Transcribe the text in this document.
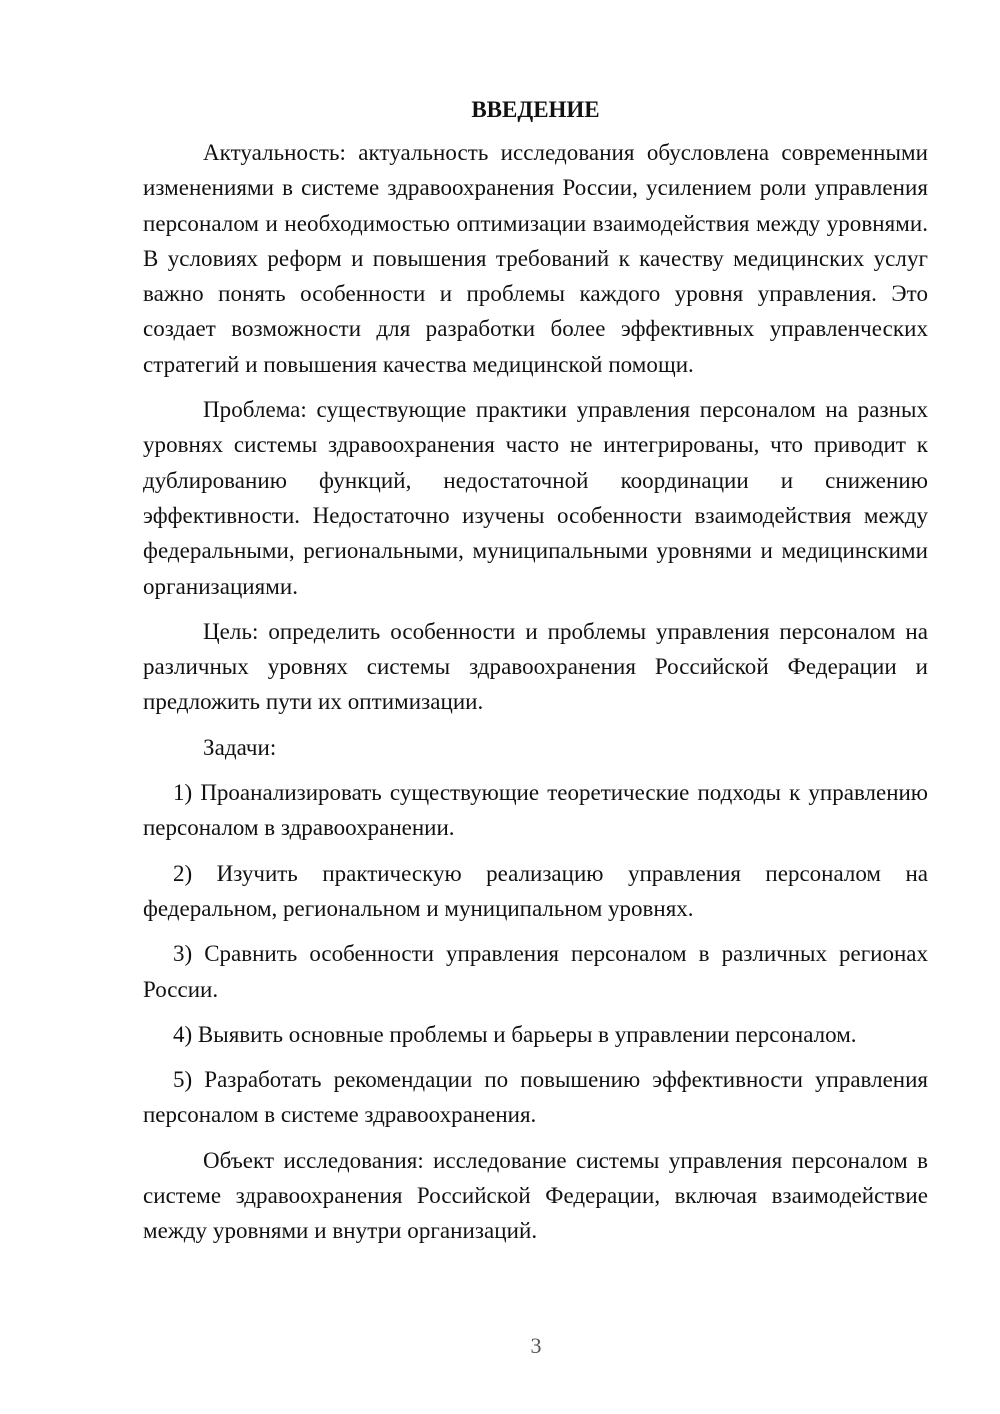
ВВЕДЕНИЕ

Актуальность: актуальность исследования обусловлена современными изменениями в системе здравоохранения России, усилением роли управления персоналом и необходимостью оптимизации взаимодействия между уровнями. В условиях реформ и повышения требований к качеству медицинских услуг важно понять особенности и проблемы каждого уровня управления. Это создает возможности для разработки более эффективных управленческих стратегий и повышения качества медицинской помощи.

Проблема: существующие практики управления персоналом на разных уровнях системы здравоохранения часто не интегрированы, что приводит к дублированию функций, недостаточной координации и снижению эффективности. Недостаточно изучены особенности взаимодействия между федеральными, региональными, муниципальными уровнями и медицинскими организациями.

Цель: определить особенности и проблемы управления персоналом на различных уровнях системы здравоохранения Российской Федерации и предложить пути их оптимизации.

Задачи:

1) Проанализировать существующие теоретические подходы к управлению персоналом в здравоохранении.

2) Изучить практическую реализацию управления персоналом на федеральном, региональном и муниципальном уровнях.

3) Сравнить особенности управления персоналом в различных регионах России.

4) Выявить основные проблемы и барьеры в управлении персоналом.

5) Разработать рекомендации по повышению эффективности управления персоналом в системе здравоохранения.

Объект исследования: исследование системы управления персоналом в системе здравоохранения Российской Федерации, включая взаимодействие между уровнями и внутри организаций.

3
